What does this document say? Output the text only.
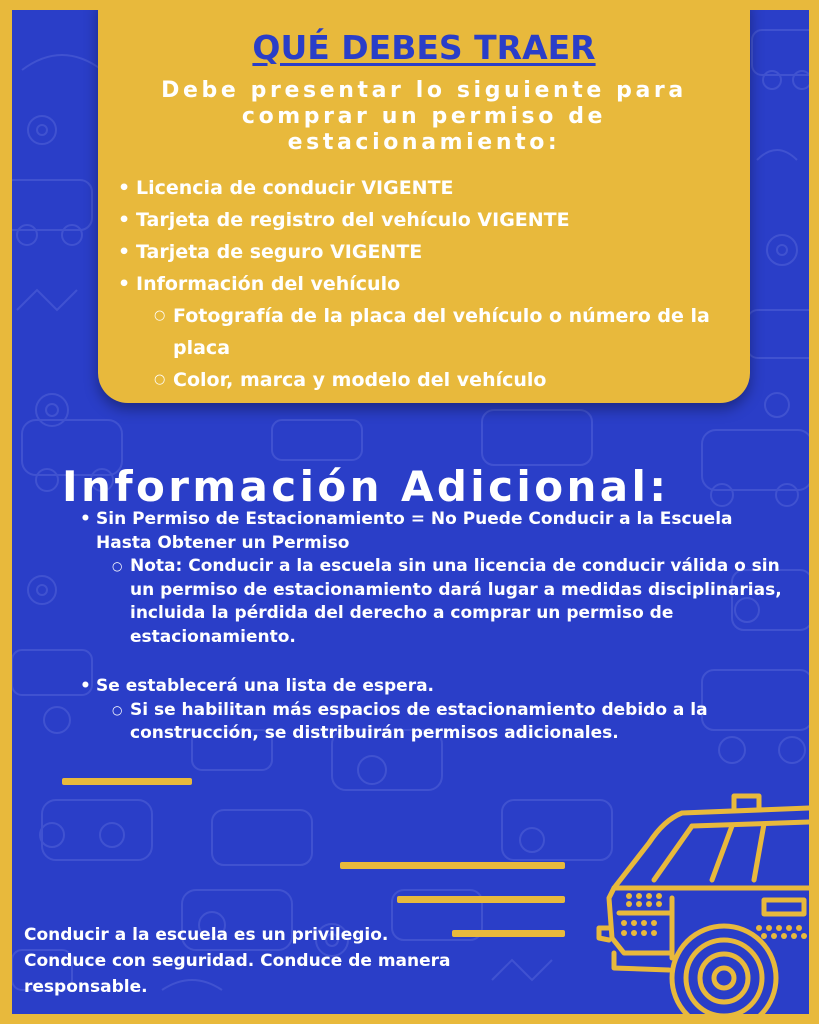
QUÉ DEBES TRAER

Debe presentar lo siguiente para comprar un permiso de estacionamiento:

• Licencia de conducir VIGENTE
• Tarjeta de registro del vehículo VIGENTE
• Tarjeta de seguro VIGENTE
• Información del vehículo
○ Fotografía de la placa del vehículo o número de la placa
○ Color, marca y modelo del vehículo
Información Adicional:
• Sin Permiso de Estacionamiento = No Puede Conducir a la Escuela Hasta Obtener un Permiso
○ Nota: Conducir a la escuela sin una licencia de conducir válida o sin un permiso de estacionamiento dará lugar a medidas disciplinarias, incluida la pérdida del derecho a comprar un permiso de estacionamiento.
• Se establecerá una lista de espera.
○ Si se habilitan más espacios de estacionamiento debido a la construcción, se distribuirán permisos adicionales.

Conducir a la escuela es un privilegio. Conduce con seguridad. Conduce de manera responsable.
